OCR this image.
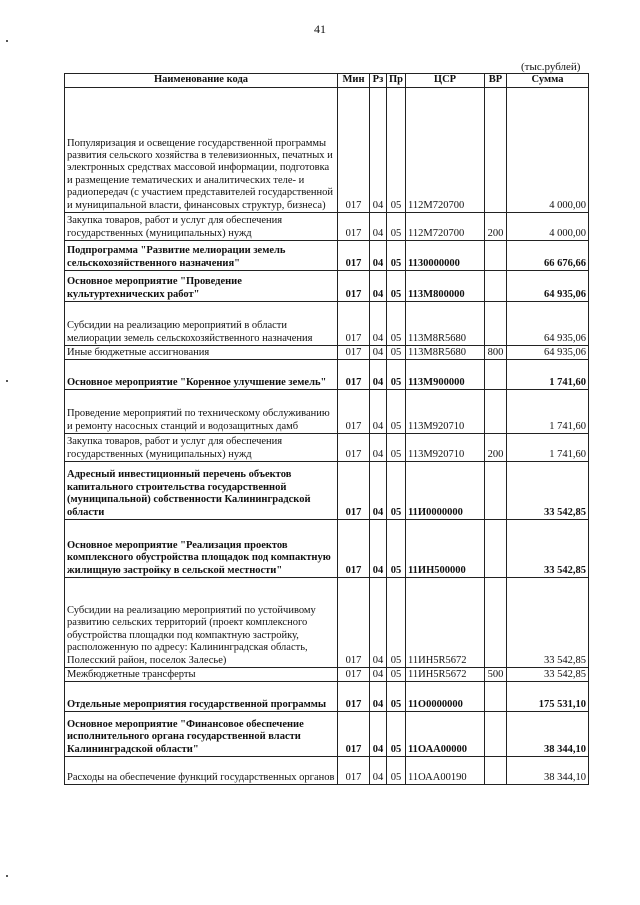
41
(тыс.рублей)
Наименование кода	Мин	Рз	Пр	ЦСР	ВР	Сумма
Популяризация и освещение государственной программы развития сельского хозяйства в телевизионных, печатных и электронных средствах массовой информации, подготовка и размещение тематических и аналитических теле- и радиопередач (с участием представителей государственной и муниципальной власти, финансовых структур, бизнеса)	017	04	05	112М720700		4 000,00
Закупка товаров, работ и услуг для обеспечения государственных (муниципальных) нужд	017	04	05	112М720700	200	4 000,00
Подпрограмма "Развитие мелиорации земель сельскохозяйственного назначения"	017	04	05	1130000000		66 676,66
Основное мероприятие "Проведение культуртехнических работ"	017	04	05	113М800000		64 935,06
Субсидии на реализацию мероприятий в области мелиорации земель сельскохозяйственного назначения	017	04	05	113М8R5680		64 935,06
Иные бюджетные ассигнования	017	04	05	113М8R5680	800	64 935,06
Основное мероприятие "Коренное улучшение земель"	017	04	05	113М900000		1 741,60
Проведение мероприятий по техническому обслуживанию и ремонту насосных станций и водозащитных дамб	017	04	05	113М920710		1 741,60
Закупка товаров, работ и услуг для обеспечения государственных (муниципальных) нужд	017	04	05	113М920710	200	1 741,60
Адресный инвестиционный перечень объектов капитального строительства государственной (муниципальной) собственности Калининградской области	017	04	05	11И0000000		33 542,85
Основное мероприятие "Реализация проектов комплексного обустройства площадок под компактную жилищную застройку в сельской местности"	017	04	05	11ИН500000		33 542,85
Субсидии на реализацию мероприятий по устойчивому развитию сельских территорий (проект комплексного обустройства площадки под компактную застройку, расположенную по адресу: Калининградская область, Полесский район, поселок Залесье)	017	04	05	11ИН5R5672		33 542,85
Межбюджетные трансферты	017	04	05	11ИН5R5672	500	33 542,85
Отдельные мероприятия государственной программы	017	04	05	11О0000000		175 531,10
Основное мероприятие "Финансовое обеспечение исполнительного органа государственной власти Калининградской области"	017	04	05	11ОАА00000		38 344,10
Расходы на обеспечение функций государственных органов	017	04	05	11ОАА00190		38 344,10
